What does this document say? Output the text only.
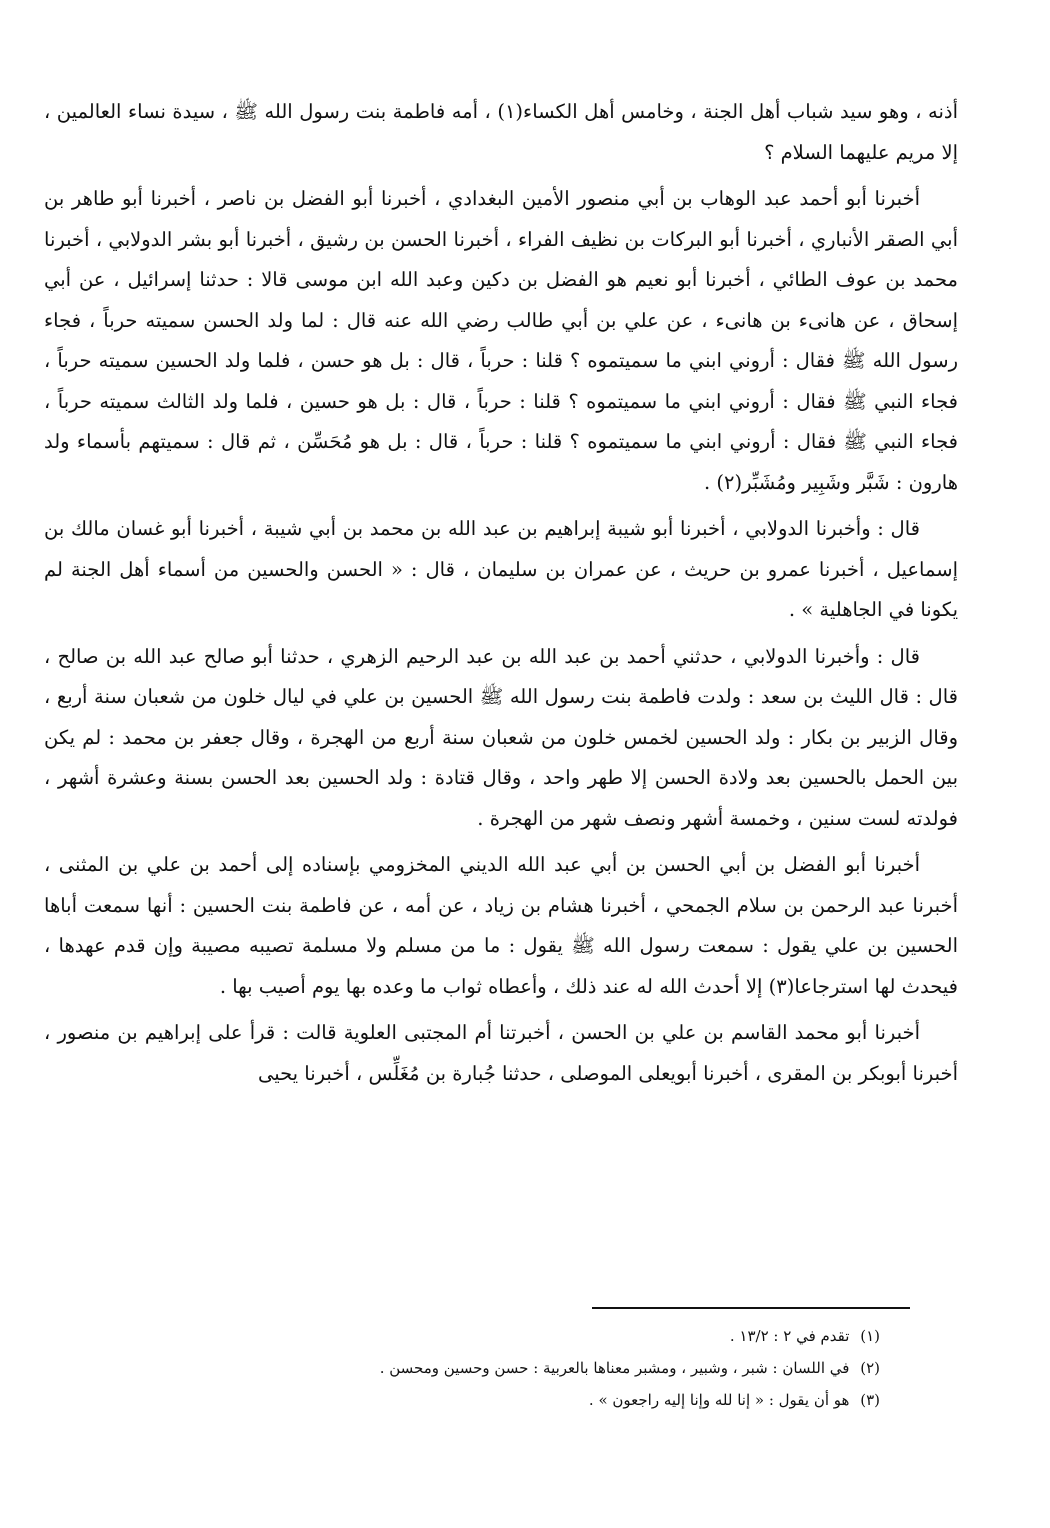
أذنه ، وهو سيد شباب أهل الجنة ، وخامس أهل الكساء(١) ، أمه فاطمة بنت رسول الله ﷺ ، سيدة نساء العالمين ، إلا مريم عليهما السلام ؟

أخبرنا أبو أحمد عبد الوهاب بن أبي منصور الأمين البغدادي ، أخبرنا أبو الفضل بن ناصر ، أخبرنا أبو طاهر بن أبي الصقر الأنباري ، أخبرنا أبو البركات بن نظيف الفراء ، أخبرنا الحسن بن رشيق ، أخبرنا أبو بشر الدولابي ، أخبرنا محمد بن عوف الطائي ، أخبرنا أبو نعيم هو الفضل بن دكين وعبد الله ابن موسى قالا : حدثنا إسرائيل ، عن أبي إسحاق ، عن هانىء بن هانىء ، عن علي بن أبي طالب رضي الله عنه قال : لما ولد الحسن سميته حرباً ، فجاء رسول الله ﷺ فقال : أروني ابني ما سميتموه ؟ قلنا : حرباً ، قال : بل هو حسن ، فلما ولد الحسين سميته حرباً ، فجاء النبي ﷺ فقال : أروني ابني ما سميتموه ؟ قلنا : حرباً ، قال : بل هو حسين ، فلما ولد الثالث سميته حرباً ، فجاء النبي ﷺ فقال : أروني ابني ما سميتموه ؟ قلنا : حرباً ، قال : بل هو مُحَسِّن ، ثم قال : سميتهم بأسماء ولد هارون : شَبَّر وشَبِير ومُشَبِّر(٢) .

قال : وأخبرنا الدولابي ، أخبرنا أبو شيبة إبراهيم بن عبد الله بن محمد بن أبي شيبة ، أخبرنا أبو غسان مالك بن إسماعيل ، أخبرنا عمرو بن حريث ، عن عمران بن سليمان ، قال : « الحسن والحسين من أسماء أهل الجنة لم يكونا في الجاهلية » .

قال : وأخبرنا الدولابي ، حدثني أحمد بن عبد الله بن عبد الرحيم الزهري ، حدثنا أبو صالح عبد الله بن صالح ، قال : قال الليث بن سعد : ولدت فاطمة بنت رسول الله ﷺ الحسين بن علي في ليال خلون من شعبان سنة أربع ، وقال الزبير بن بكار : ولد الحسين لخمس خلون من شعبان سنة أربع من الهجرة ، وقال جعفر بن محمد : لم يكن بين الحمل بالحسين بعد ولادة الحسن إلا طهر واحد ، وقال قتادة : ولد الحسين بعد الحسن بسنة وعشرة أشهر ، فولدته لست سنين ، وخمسة أشهر ونصف شهر من الهجرة .

أخبرنا أبو الفضل بن أبي الحسن بن أبي عبد الله الديني المخزومي بإسناده إلى أحمد بن علي بن المثنى ، أخبرنا عبد الرحمن بن سلام الجمحي ، أخبرنا هشام بن زياد ، عن أمه ، عن فاطمة بنت الحسين : أنها سمعت أباها الحسين بن علي يقول : سمعت رسول الله ﷺ يقول : ما من مسلم ولا مسلمة تصيبه مصيبة وإن قدم عهدها ، فيحدث لها استرجاعا(٣) إلا أحدث الله له عند ذلك ، وأعطاه ثواب ما وعده بها يوم أصيب بها .

أخبرنا أبو محمد القاسم بن علي بن الحسن ، أخبرتنا أم المجتبى العلوية قالت : قرأ على إبراهيم بن منصور ، أخبرنا أبوبكر بن المقرى ، أخبرنا أبويعلى الموصلى ، حدثنا جُبارة بن مُغَلِّس ، أخبرنا يحيى

(١) تقدم في ٢ : ١٣/٢ .

(٢) في اللسان : شبر ، وشبير ، ومشبر معناها بالعربية : حسن وحسين ومحسن .

(٣) هو أن يقول : « إنا لله وإنا إليه راجعون » .
